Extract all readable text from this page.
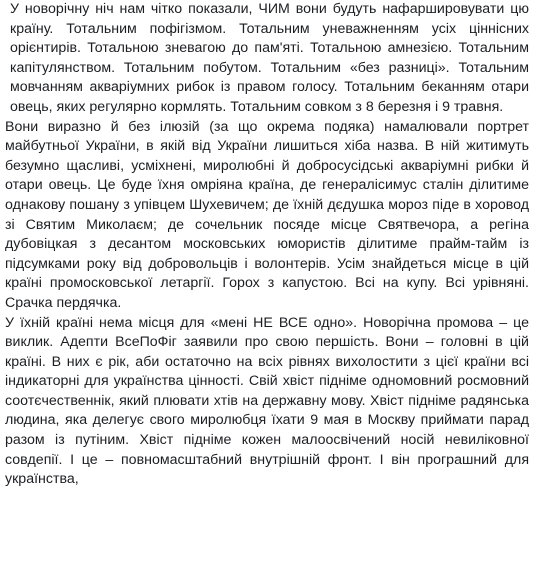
У новорічну ніч нам чітко показали, ЧИМ вони будуть нафаршировувати цю країну. Тотальним пофігізмом. Тотальним уневажненням усіх ціннісних орієнтирів. Тотальною зневагою до пам'яті. Тотальною амнезією. Тотальним капітулянством. Тотальним побутом. Тотальним «без разниці». Тотальним мовчанням акваріумних рибок із правом голосу. Тотальним беканням отари овець, яких регулярно кормлять. Тотальним совком з 8 березня і 9 травня.

Вони виразно й без ілюзій (за що окрема подяка) намалювали портрет майбутньої України, в якій від України лишиться хіба назва. В ній житимуть безумно щасливі, усміхнені, миролюбні й добросусідські акваріумні рибки й отари овець. Це буде їхня омріяна країна, де генералісимус сталін ділитиме однакову пошану з упівцем Шухевичем; де їхній дєдушка мороз піде в хоровод зі Святим Миколаєм; де сочельник посяде місце Святвечора, а регіна дубовіцкая з десантом московських юмористів ділитиме прайм-тайм із підсумками року від добровольців і волонтерів. Усім знайдеться місце в цій країні промосковської летаргії. Горох з капустою. Всі на купу. Всі урівняні. Срачка пердячка.

У їхній країні нема місця для «мені НЕ ВСЕ одно». Новорічна промова – це виклик. Адепти ВсеПоФіг заявили про свою першість. Вони – головні в цій країні. В них є рік, аби остаточно на всіх рівнях вихолостити з цієї країни всі індикаторні для українства цінності. Свій хвіст підніме одномовний росмовний соотєчественнік, який плювати хтів на державну мову. Хвіст підніме радянська людина, яка делегує свого миролюбця їхати 9 мая в Москву приймати парад разом із путіним. Хвіст підніме кожен малоосвічений носій невиліковної совдепії. І це – повномасштабний внутрішній фронт. І він програшний для українства,
